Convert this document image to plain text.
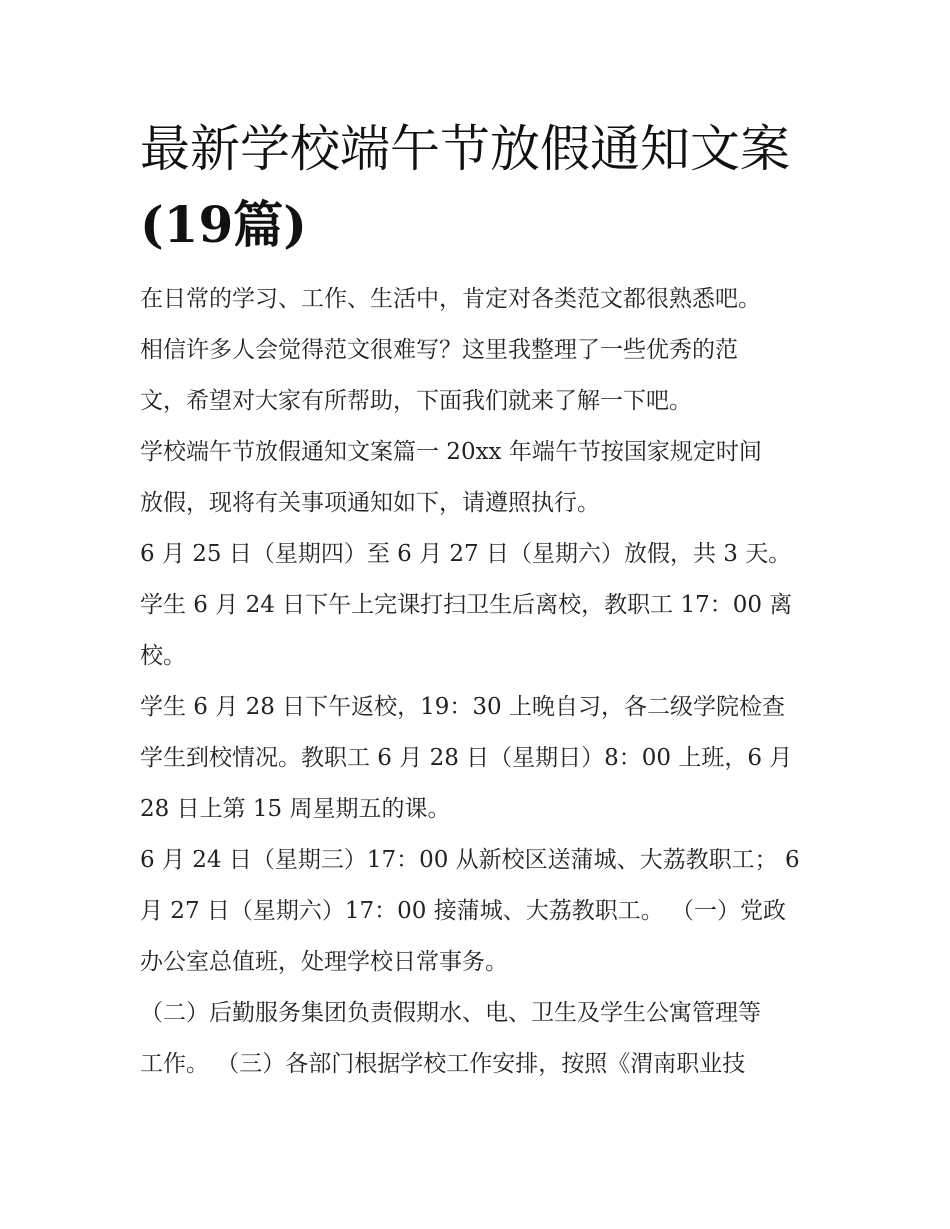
最新学校端午节放假通知文案
(19篇)
在日常的学习、工作、生活中，肯定对各类范文都很熟悉吧。
相信许多人会觉得范文很难写？这里我整理了一些优秀的范
文，希望对大家有所帮助，下面我们就来了解一下吧。
学校端午节放假通知文案篇一 20xx 年端午节按国家规定时间
放假，现将有关事项通知如下，请遵照执行。
6 月 25 日（星期四）至 6 月 27 日（星期六）放假，共 3 天。
学生 6 月 24 日下午上完课打扫卫生后离校，教职工 17：00 离
校。
学生 6 月 28 日下午返校，19：30 上晚自习，各二级学院检查
学生到校情况。教职工 6 月 28 日（星期日）8：00 上班，6 月
28 日上第 15 周星期五的课。
6 月 24 日（星期三）17：00 从新校区送蒲城、大荔教职工； 6
月 27 日（星期六）17：00 接蒲城、大荔教职工。 （一）党政
办公室总值班，处理学校日常事务。
（二）后勤服务集团负责假期水、电、卫生及学生公寓管理等
工作。 （三）各部门根据学校工作安排，按照《渭南职业技
